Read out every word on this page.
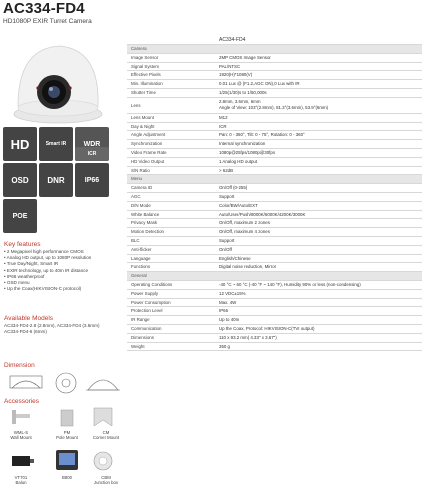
AC334-FD4
HD1080P EXIR Turret Camera
HD	Smart IR WDR
ICR
OSD DNR	IP66
POE
Key features
• 2 Megapixel high performance CMOS
• Analog HD output, up to 1080P resolution
• True Day/Night, Smart IR
• EXIR technology, up to 40m IR distance
• IP66 weatherproof
• OSD menu
• Up the Coax(HIKVISION-C protocol)
Available Models
AC334-FD4-2.8 (2.8mm), AC334-FD4 (3.6mm)
AC334-FD4-6 (6mm)
Dimension
Accessories
WML-S
Wall Mount
PM
Pole Mount
CM
Corner Mount
VT701
Balun
B800	CBM
Junction box
AC334-FD4
Camera
Image Sensor	2MP CMOS Image Sensor
Signal System	PAL/NTSC
Effective Pixels	1920(H)*1080(V)
Min. Illumination	0.01 Lux @ (F1.2,AGC ON),0 Lux with IR
Shutter Time	1/25(1/30)s to 1/50,000s
Lens
2.8mm, 3.6mm, 6mm
Angle of View: 103°(2.8mm), 81.3°(3.6mm), 53.9°(6mm)
Lens Mount	M12
Day & Night	ICR
Angle Adjustment	Pan: 0 - 360°, Tilt: 0 - 75°, Rotation: 0 - 360°
Synchronization	Internal synchronization
Video Frame Rate	1080p@25fps/1080p@30fps
HD Video Output	1 Analog HD output
S/N Ratio	> 62dB
Menu
Camera ID	On/Off (0-255)
AGC	Support
D/N Mode	Color/BW/Auto/EXT
White Balance	Auto/User/Push/8000K/6000K/4200K/3000K
Privacy Mask	On/Off, maximum 2 zones
Motion Detection	On/Off, maximum 4 zones
BLC	Support
Anti-flicker	On/Off
Language	English/Chinese
Functions	Digital noise reduction, Mirror
General
Operating Conditions	-40 °C ~ 60 °C (-40 °F ~ 140 °F), Humidity 90% or less (non-condensing)
Power Supply	12 VDC±15%
Power Consumption	Max. 4W
Protection Level	IP66
IR Range	Up to 40m
Communication	Up the Coax, Protocol: HIKVISION-C(TVI output)
Dimensions	110 x 93.2 mm( 4.33" x 3.67")
Weight	350 g
